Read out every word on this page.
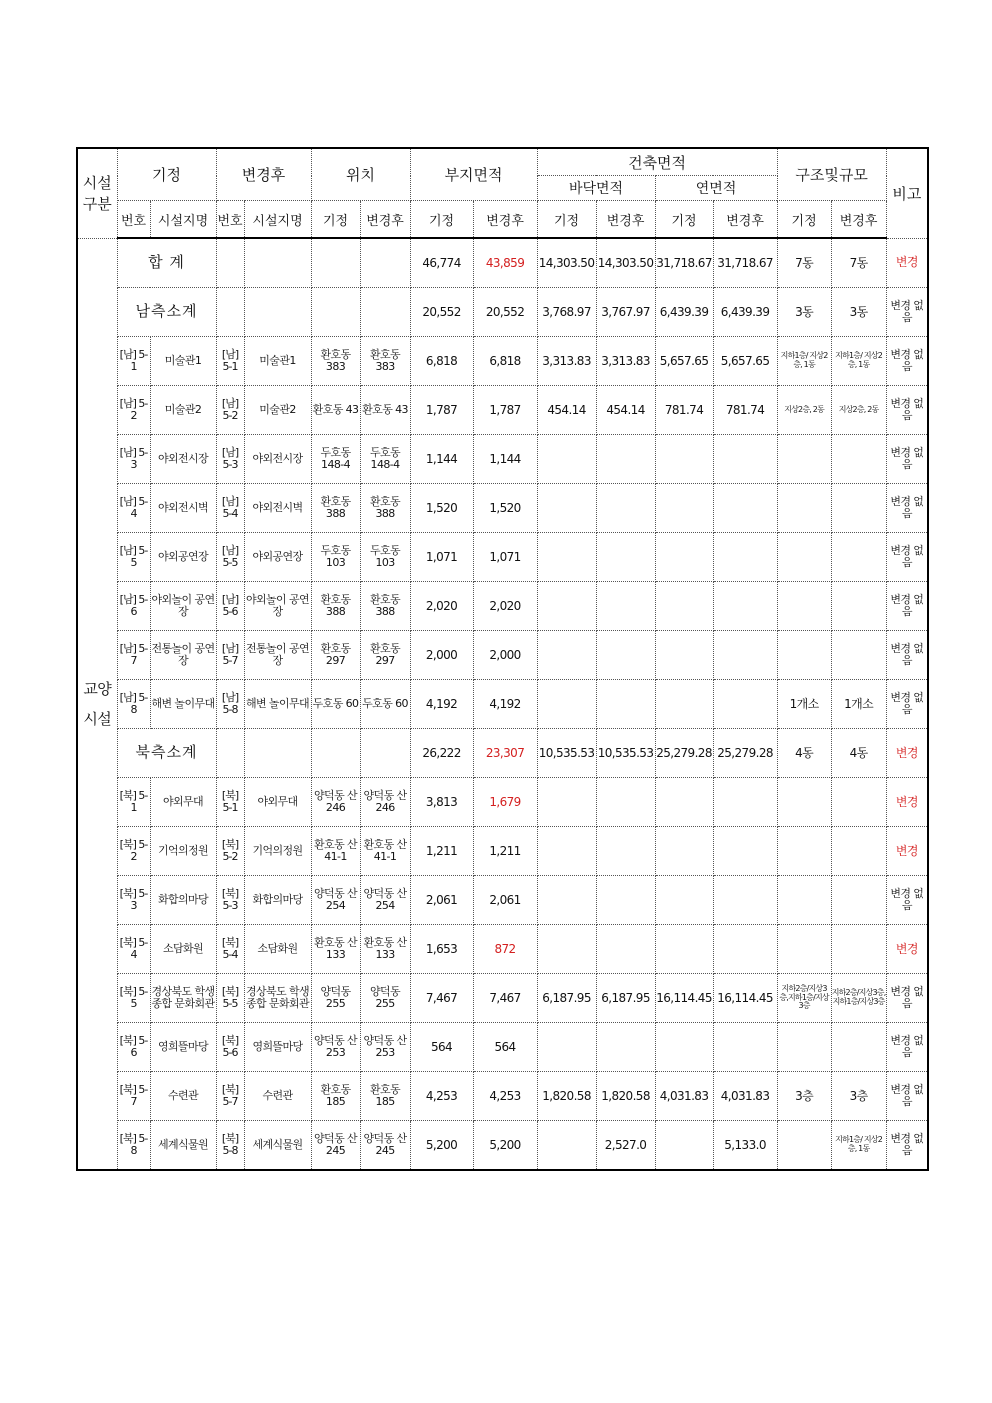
시설구분	기정		변경후		위치		부지면적		건축면적				구조및규모		비고
									바닥면적		연면적				
	번호	시설지명	번호	시설지명	기정	변경후	기정	변경후	기정	변경후	기정	변경후	기정	변경후	
교양 시설	합 계						46,774	43,859	14,303.50	14,303.50	31,718.67	31,718.67	7동	7동	변경
	남측소계						20,552	20,552	3,768.97	3,767.97	6,439.39	6,439.39	3동	3동	변경 없음
	[남] 5-1	미술관1	[남] 5-1	미술관1	환호동 383	환호동 383	6,818	6,818	3,313.83	3,313.83	5,657.65	5,657.65	지하1층/ 지상2층, 1동	지하1층/ 지상2층, 1동	변경 없음
	[남] 5-2	미술관2	[남] 5-2	미술관2	환호동 43	환호동 43	1,787	1,787	454.14	454.14	781.74	781.74	지상2층, 2동	지상2층, 2동	변경 없음
	[남] 5-3	야외전시장	[남] 5-3	야외전시장	두호동 148-4	두호동 148-4	1,144	1,144							변경 없음
	[남] 5-4	야외전시벽	[남] 5-4	야외전시벽	환호동 388	환호동 388	1,520	1,520							변경 없음
	[남] 5-5	야외공연장	[남] 5-5	야외공연장	두호동 103	두호동 103	1,071	1,071							변경 없음
	[남] 5-6	야외놀이 공연장	[남] 5-6	야외놀이 공연장	환호동 388	환호동 388	2,020	2,020							변경 없음
	[남] 5-7	전통놀이 공연장	[남] 5-7	전통놀이 공연장	환호동 297	환호동 297	2,000	2,000							변경 없음
	[남] 5-8	해변 놀이무대	[남] 5-8	해변 놀이무대	두호동 60	두호동 60	4,192	4,192					1개소	1개소	변경 없음
	북측소계						26,222	23,307	10,535.53	10,535.53	25,279.28	25,279.28	4동	4동	변경
	[북] 5-1	야외무대	[북] 5-1	야외무대	양덕동 산246	양덕동 산246	3,813	1,679							변경
	[북] 5-2	기억의정원	[북] 5-2	기억의정원	환호동 산 41-1	환호동 산 41-1	1,211	1,211							변경
	[북] 5-3	화합의마당	[북] 5-3	화합의마당	양덕동 산254	양덕동 산254	2,061	2,061							변경 없음
	[북] 5-4	소담화원	[북] 5-4	소담화원	환호동 산133	환호동 산133	1,653	872							변경
	[북] 5-5	경상북도 학생종합 문화회관	[북] 5-5	경상북도 학생종합 문화회관	양덕동 255	양덕동 255	7,467	7,467	6,187.95	6,187.95	16,114.45	16,114.45	지하2층/지상3층,지하1층/지상3층	지하2층/지상3층,지하1층/지상3층	변경 없음
	[북] 5-6	영희뜰마당	[북] 5-6	영희뜰마당	양덕동 산253	양덕동 산253	564	564							변경 없음
	[북] 5-7	수련관	[북] 5-7	수련관	환호동 185	환호동 185	4,253	4,253	1,820.58	1,820.58	4,031.83	4,031.83	3층	3층	변경 없음
	[북] 5-8	세계식물원	[북] 5-8	세계식물원	양덕동 산245	양덕동 산245	5,200	5,200		2,527.0		5,133.0		지하1층/ 지상2층, 1동	변경 없음
